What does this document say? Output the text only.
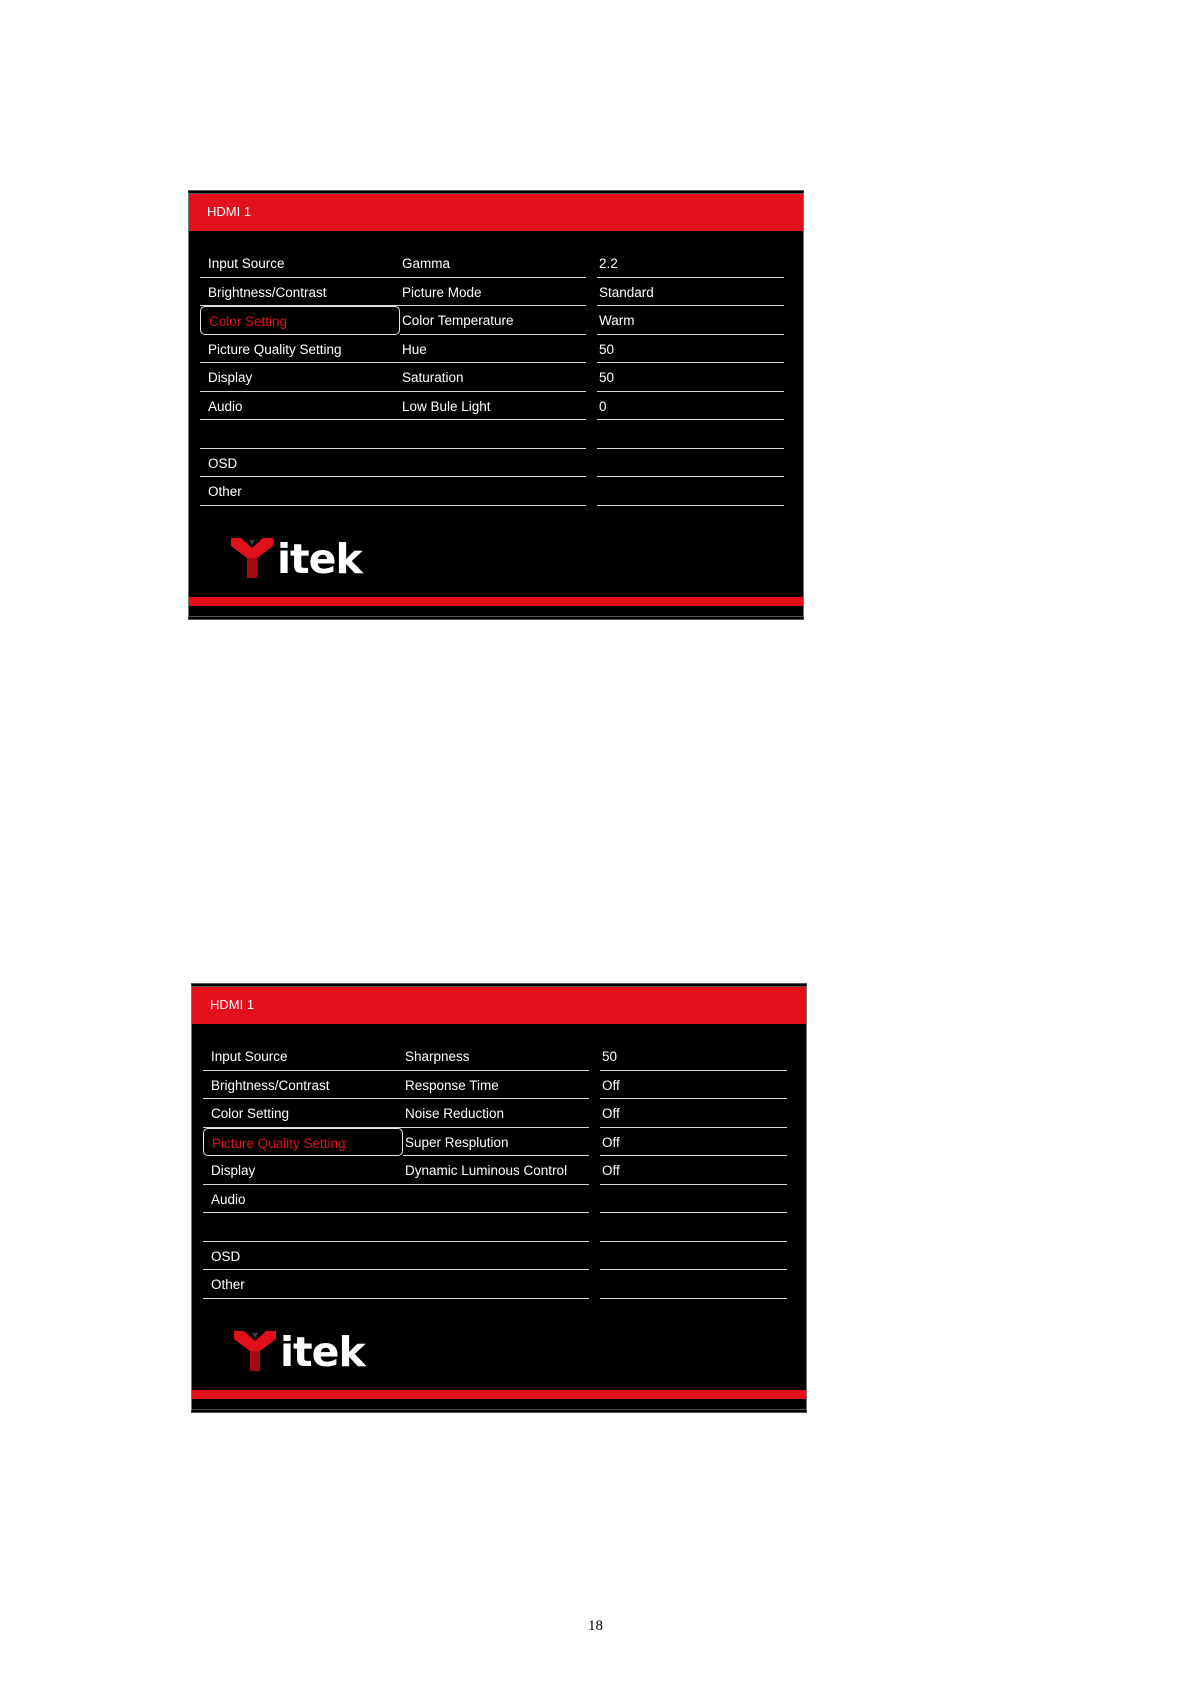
HDMI 1
Input Source
Brightness/Contrast
Color Setting
Picture Quality Setting
Display
Audio
OSD
Other
Gamma
Picture Mode
Color Temperature
Hue
Saturation
Low Bule Light
2.2
Standard
Warm
50
50
0
itek
HDMI 1
Input Source
Brightness/Contrast
Color Setting
Picture Quality Setting
Display
Audio
OSD
Other
Sharpness
Response Time
Noise Reduction
Super Resplution
Dynamic Luminous Control
50
Off
Off
Off
Off
itek
18
